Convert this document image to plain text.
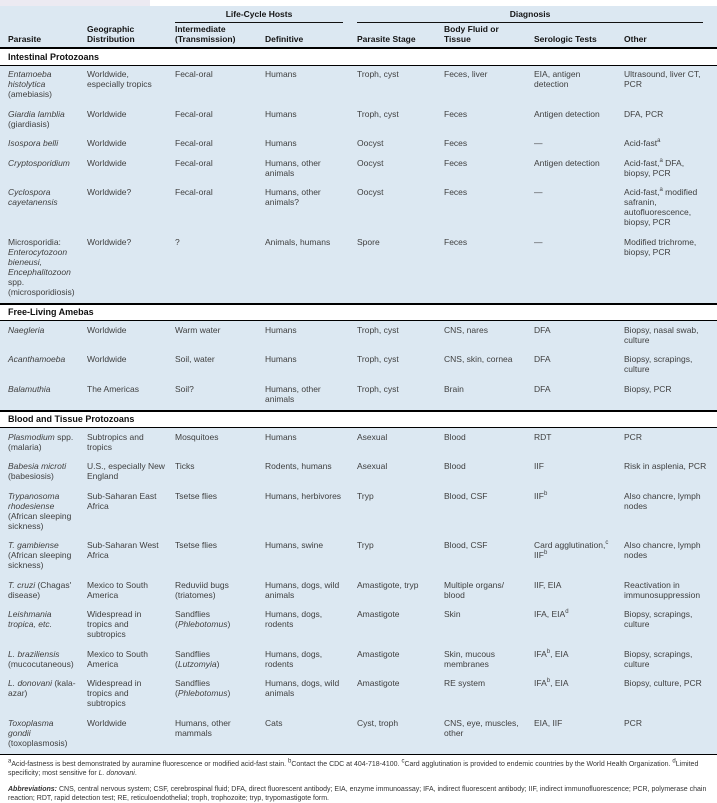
		Life-Cycle Hosts		Diagnosis			

Parasite	Geographic Distribution	Intermediate (Transmission)	Definitive	Parasite Stage	Body Fluid or Tissue	Serologic Tests	Other
Intestinal Protozoans							
Entamoeba histolytica (amebiasis)	Worldwide, especially tropics	Fecal-oral	Humans	Troph, cyst	Feces, liver	EIA, antigen detection	Ultrasound, liver CT, PCR
Giardia lamblia (giardiasis)	Worldwide	Fecal-oral	Humans	Troph, cyst	Feces	Antigen detection	DFA, PCR
Isospora belli	Worldwide	Fecal-oral	Humans	Oocyst	Feces	—	Acid-fast$^a$
Cryptosporidium	Worldwide	Fecal-oral	Humans, other animals	Oocyst	Feces	Antigen detection	Acid-fast,$^a$ DFA, biopsy, PCR
Cyclospora cayetanensis	Worldwide?	Fecal-oral	Humans, other animals?	Oocyst	Feces	—	Acid-fast,$^a$ modified safranin, autofluorescence, biopsy, PCR
Microsporidia: Enterocytozoon bieneusi, Encephalitozoon spp. (microsporidiosis)	Worldwide?	?	Animals, humans	Spore	Feces	—	Modified trichrome, biopsy, PCR
Free-Living Amebas							
Naegleria	Worldwide	Warm water	Humans	Troph, cyst	CNS, nares	DFA	Biopsy, nasal swab, culture
Acanthamoeba	Worldwide	Soil, water	Humans	Troph, cyst	CNS, skin, cornea	DFA	Biopsy, scrapings, culture
Balamuthia	The Americas	Soil?	Humans, other animals	Troph, cyst	Brain	DFA	Biopsy, PCR
Blood and Tissue Protozoans							
Plasmodium spp. (malaria)	Subtropics and tropics	Mosquitoes	Humans	Asexual	Blood	RDT	PCR
Babesia microti (babesiosis)	U.S., especially New England	Ticks	Rodents, humans	Asexual	Blood	IIF	Risk in asplenia, PCR
Trypanosoma rhodesiense (African sleeping sickness)	Sub-Saharan East Africa	Tsetse flies	Humans, herbivores	Tryp	Blood, CSF	IIF$^b$	Also chancre, lymph nodes
T. gambiense (African sleeping sickness)	Sub-Saharan West Africa	Tsetse flies	Humans, swine	Tryp	Blood, CSF	Card agglutination,$^c$ IIF$^b$	Also chancre, lymph nodes
T. cruzi (Chagas' disease)	Mexico to South America	Reduviid bugs (triatomes)	Humans, dogs, wild animals	Amastigote, tryp	Multiple organs/ blood	IIF, EIA	Reactivation in immunosuppression
Leishmania tropica, etc.	Widespread in tropics and subtropics	Sandflies (Phlebotomus)	Humans, dogs, rodents	Amastigote	Skin	IFA, EIA$^d$	Biopsy, scrapings, culture
L. braziliensis (mucocutaneous)	Mexico to South America	Sandflies (Lutzomyia)	Humans, dogs, rodents	Amastigote	Skin, mucous membranes	IFA$^b$, EIA	Biopsy, scrapings, culture
L. donovani (kala-azar)	Widespread in tropics and subtropics	Sandflies (Phlebotomus)	Humans, dogs, wild animals	Amastigote	RE system	IFA$^b$, EIA	Biopsy, culture, PCR
Toxoplasma gondii (toxoplasmosis)	Worldwide	Humans, other mammals	Cats	Cyst, troph	CNS, eye, muscles, other	EIA, IIF	PCR

$^a$Acid-fastness is best demonstrated by auramine fluorescence or modified acid-fast stain. $^b$Contact the CDC at 404-718-4100. $^c$Card agglutination is provided to endemic countries by the World Health Organization. $^d$Limited specificity; most sensitive for L. donovani.

Abbreviations: CNS, central nervous system; CSF, cerebrospinal fluid; DFA, direct fluorescent antibody; EIA, enzyme immunoassay; IFA, indirect fluorescent antibody; IIF, indirect immunofluorescence; PCR, polymerase chain reaction; RDT, rapid detection test; RE, reticuloendothelial; troph, trophozoite; tryp, trypomastigote form.
